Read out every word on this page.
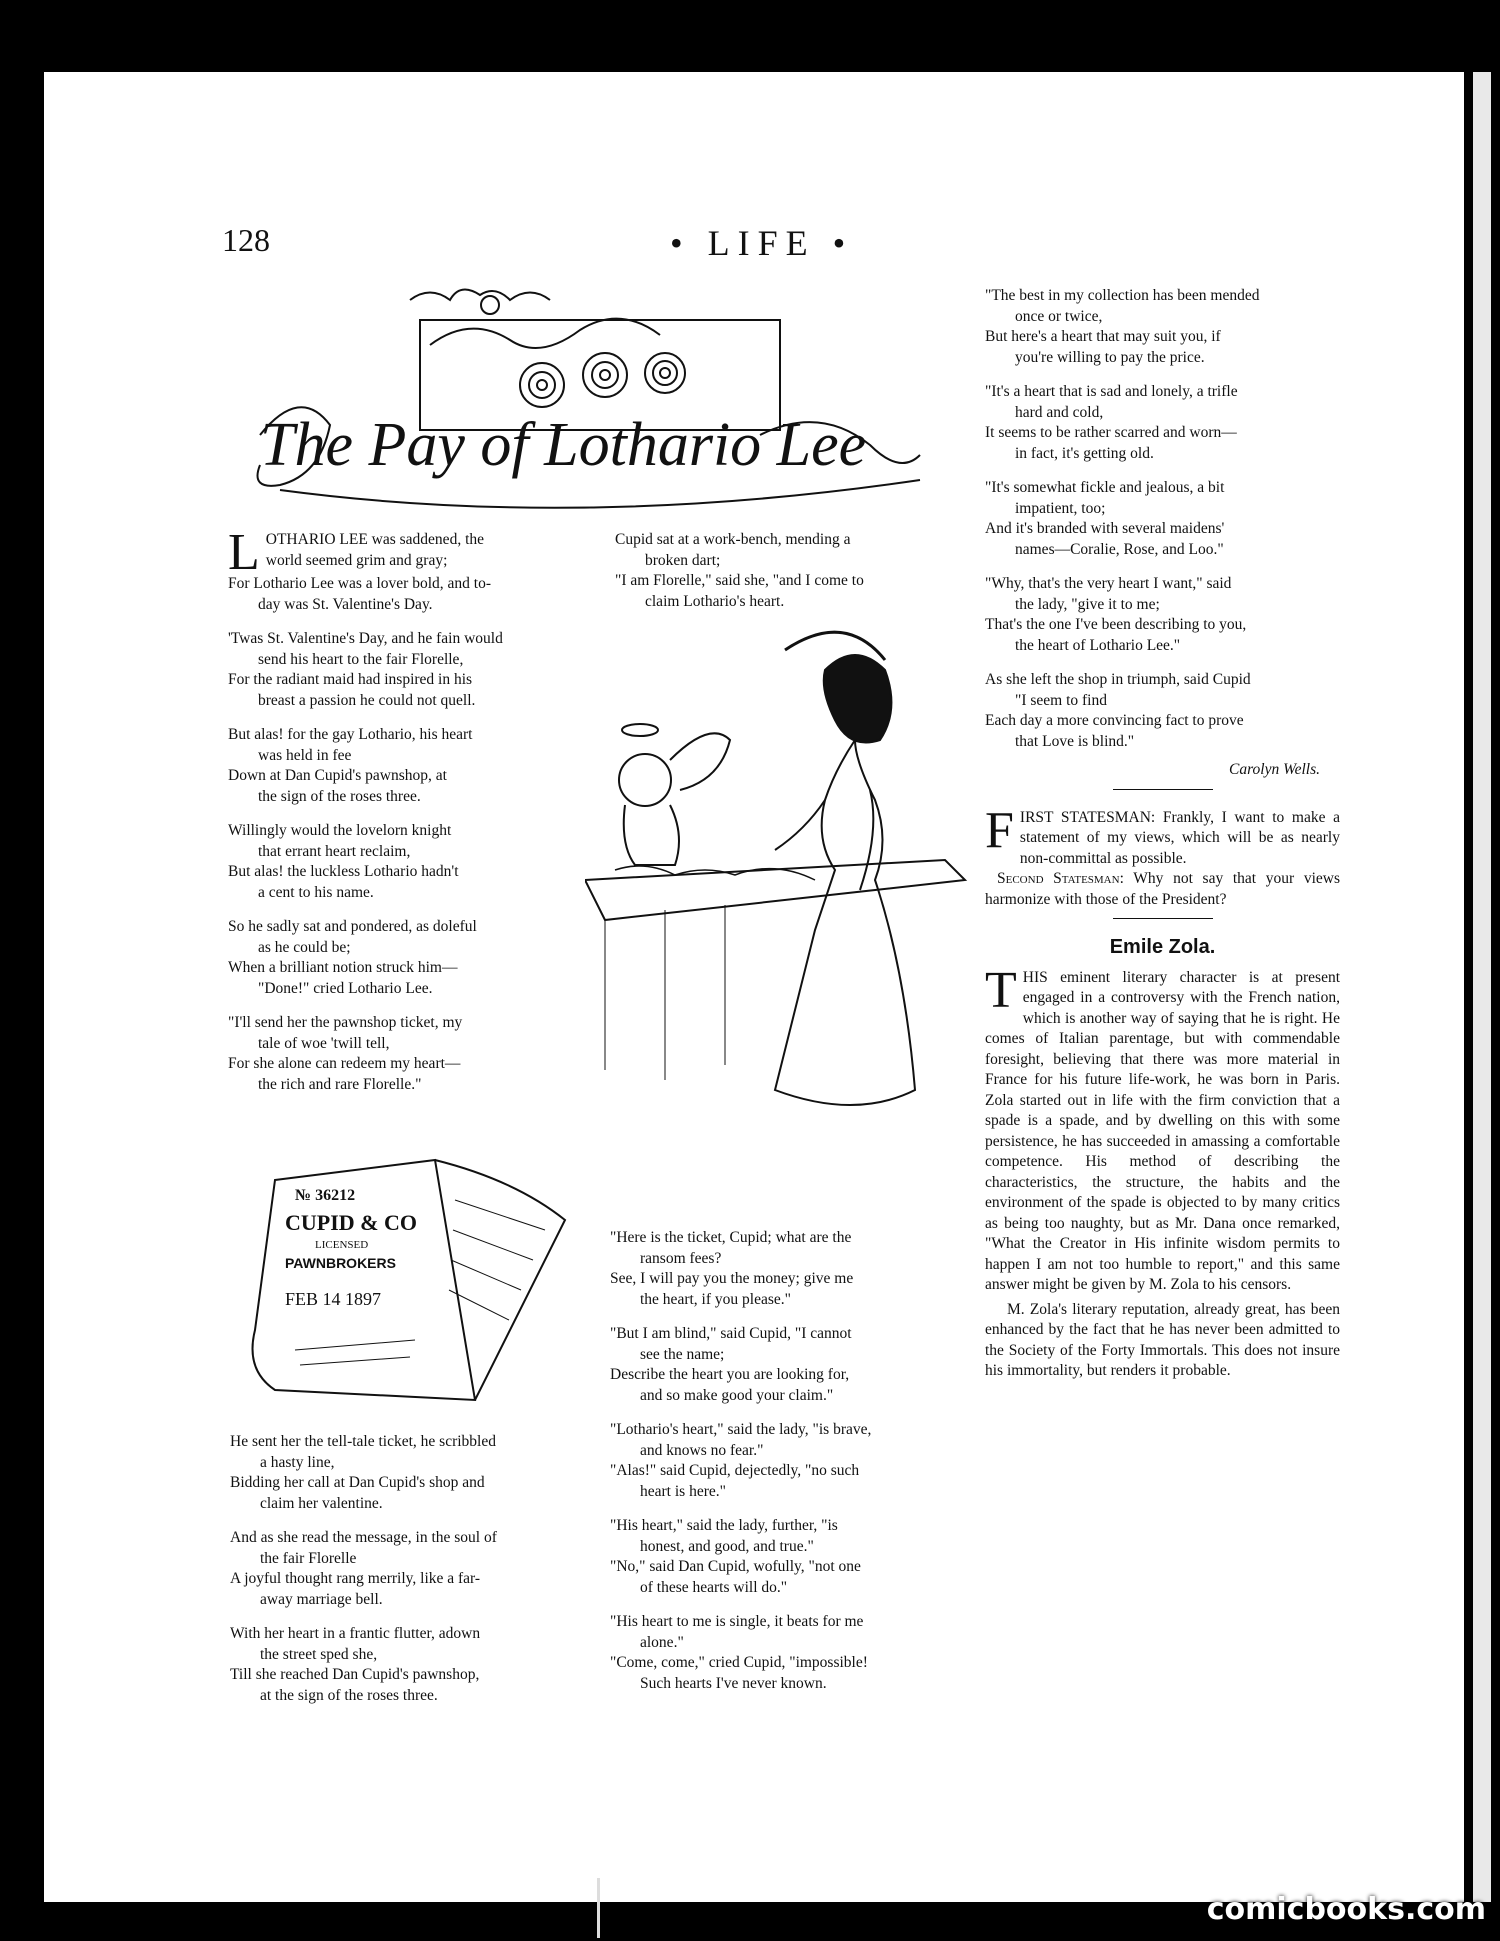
128	• LIFE •
The Pay of Lothario Lee
L OTHARIO LEE was saddened, the
world seemed grim and gray;
For Lothario Lee was a lover bold, and to-
day was St. Valentine's Day.
'Twas St. Valentine's Day, and he fain would
send his heart to the fair Florelle,
For the radiant maid had inspired in his
breast a passion he could not quell.
But alas! for the gay Lothario, his heart
was held in fee
Down at Dan Cupid's pawnshop, at
the sign of the roses three.
Willingly would the lovelorn knight
that errant heart reclaim,
But alas! the luckless Lothario hadn't
a cent to his name.
So he sadly sat and pondered, as doleful
as he could be;
When a brilliant notion struck him—
"Done!" cried Lothario Lee.
"I'll send her the pawnshop ticket, my
tale of woe 'twill tell,
For she alone can redeem my heart—
the rich and rare Florelle."
Cupid sat at a work-bench, mending a
broken dart;
"I am Florelle," said she, "and I come to
claim Lothario's heart.
№ 36212
CUPID & CO
LICENSED
PAWNBROKERS
FEB 14 1897
He sent her the tell-tale ticket, he scribbled
a hasty line,
Bidding her call at Dan Cupid's shop and
claim her valentine.
And as she read the message, in the soul of
the fair Florelle
A joyful thought rang merrily, like a far-
away marriage bell.
With her heart in a frantic flutter, adown
the street sped she,
Till she reached Dan Cupid's pawnshop,
at the sign of the roses three.
"Here is the ticket, Cupid; what are the
ransom fees?
See, I will pay you the money; give me
the heart, if you please."
"But I am blind," said Cupid, "I cannot
see the name;
Describe the heart you are looking for,
and so make good your claim."
"Lothario's heart," said the lady, "is brave,
and knows no fear."
"Alas!" said Cupid, dejectedly, "no such
heart is here."
"His heart," said the lady, further, "is
honest, and good, and true."
"No," said Dan Cupid, wofully, "not one
of these hearts will do."
"His heart to me is single, it beats for me
alone."
"Come, come," cried Cupid, "impossible!
Such hearts I've never known.
"The best in my collection has been mended
once or twice,
But here's a heart that may suit you, if
you're willing to pay the price.
"It's a heart that is sad and lonely, a trifle
hard and cold,
It seems to be rather scarred and worn—
in fact, it's getting old.
"It's somewhat fickle and jealous, a bit
impatient, too;
And it's branded with several maidens'
names—Coralie, Rose, and Loo."
"Why, that's the very heart I want," said
the lady, "give it to me;
That's the one I've been describing to you,
the heart of Lothario Lee."
As she left the shop in triumph, said Cupid
"I seem to find
Each day a more convincing fact to prove
that Love is blind."
Carolyn Wells.

F IRST STATESMAN: Frankly, I want to make a statement of my views, which will be as nearly non-committal as possible.

Second Statesman: Why not say that your views harmonize with those of the President?

Emile Zola.

T HIS eminent literary character is at present engaged in a controversy with the French nation, which is another way of saying that he is right. He comes of Italian parentage, but with commendable foresight, believing that there was more material in France for his future life-work, he was born in Paris. Zola started out in life with the firm conviction that a spade is a spade, and by dwelling on this with some persistence, he has succeeded in amassing a comfortable competence. His method of describing the characteristics, the structure, the habits and the environment of the spade is objected to by many critics as being too naughty, but as Mr. Dana once remarked, "What the Creator in His infinite wisdom permits to happen I am not too humble to report," and this same answer might be given by M. Zola to his censors.

M. Zola's literary reputation, already great, has been enhanced by the fact that he has never been admitted to the Society of the Forty Immortals. This does not insure his immortality, but renders it probable.

comicbooks.com
